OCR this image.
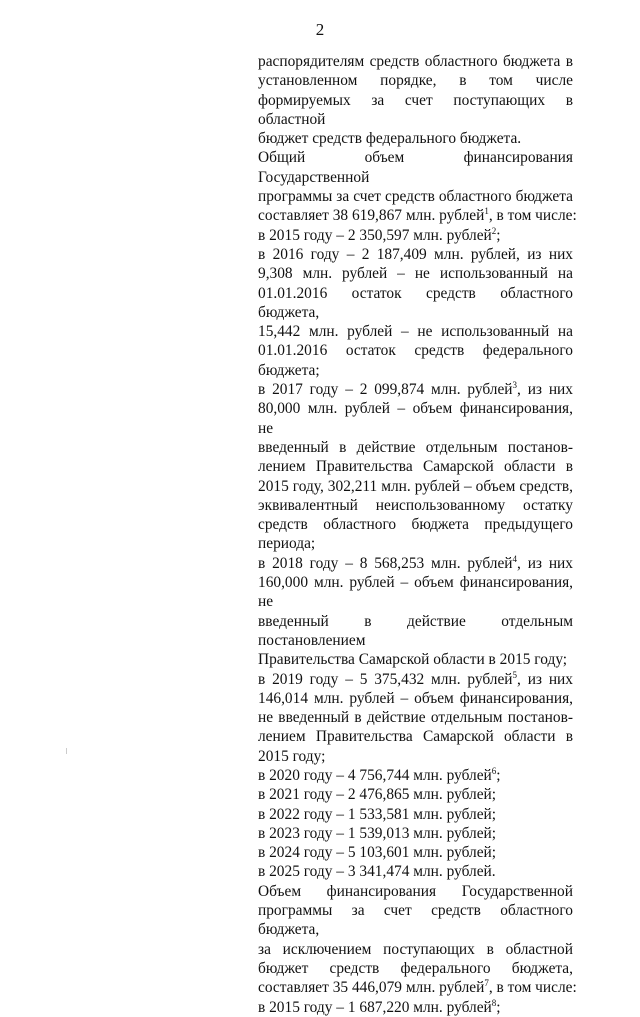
2
распорядителям средств областного бюджета в
установленном порядке, в том числе
формируемых за счет поступающих в областной
бюджет средств федерального бюджета.
Общий объем финансирования Государственной
программы за счет средств областного бюджета
составляет 38 619,867 млн. рублей$^1$, в том числе:
в 2015 году – 2 350,597 млн. рублей$^2$;
в 2016 году – 2 187,409 млн. рублей, из них
9,308 млн. рублей – не использованный на
01.01.2016 остаток средств областного бюджета,
15,442 млн. рублей – не использованный на
01.01.2016 остаток средств федерального
бюджета;
в 2017 году – 2 099,874 млн. рублей$^3$, из них
80,000 млн. рублей – объем финансирования, не
введенный в действие отдельным постанов-
лением Правительства Самарской области в
2015 году, 302,211 млн. рублей – объем средств,
эквивалентный неиспользованному остатку
средств областного бюджета предыдущего
периода;
в 2018 году – 8 568,253 млн. рублей$^4$, из них
160,000 млн. рублей – объем финансирования, не
введенный в действие отдельным постановлением
Правительства Самарской области в 2015 году;
в 2019 году – 5 375,432 млн. рублей$^5$, из них
146,014 млн. рублей – объем финансирования,
не введенный в действие отдельным постанов-
лением Правительства Самарской области в
2015 году;
в 2020 году – 4 756,744 млн. рублей$^6$;
в 2021 году – 2 476,865 млн. рублей;
в 2022 году – 1 533,581 млн. рублей;
в 2023 году – 1 539,013 млн. рублей;
в 2024 году – 5 103,601 млн. рублей;
в 2025 году – 3 341,474 млн. рублей.
Объем финансирования Государственной
программы за счет средств областного бюджета,
за исключением поступающих в областной
бюджет средств федерального бюджета,
составляет 35 446,079 млн. рублей$^7$, в том числе:
в 2015 году – 1 687,220 млн. рублей$^8$;
